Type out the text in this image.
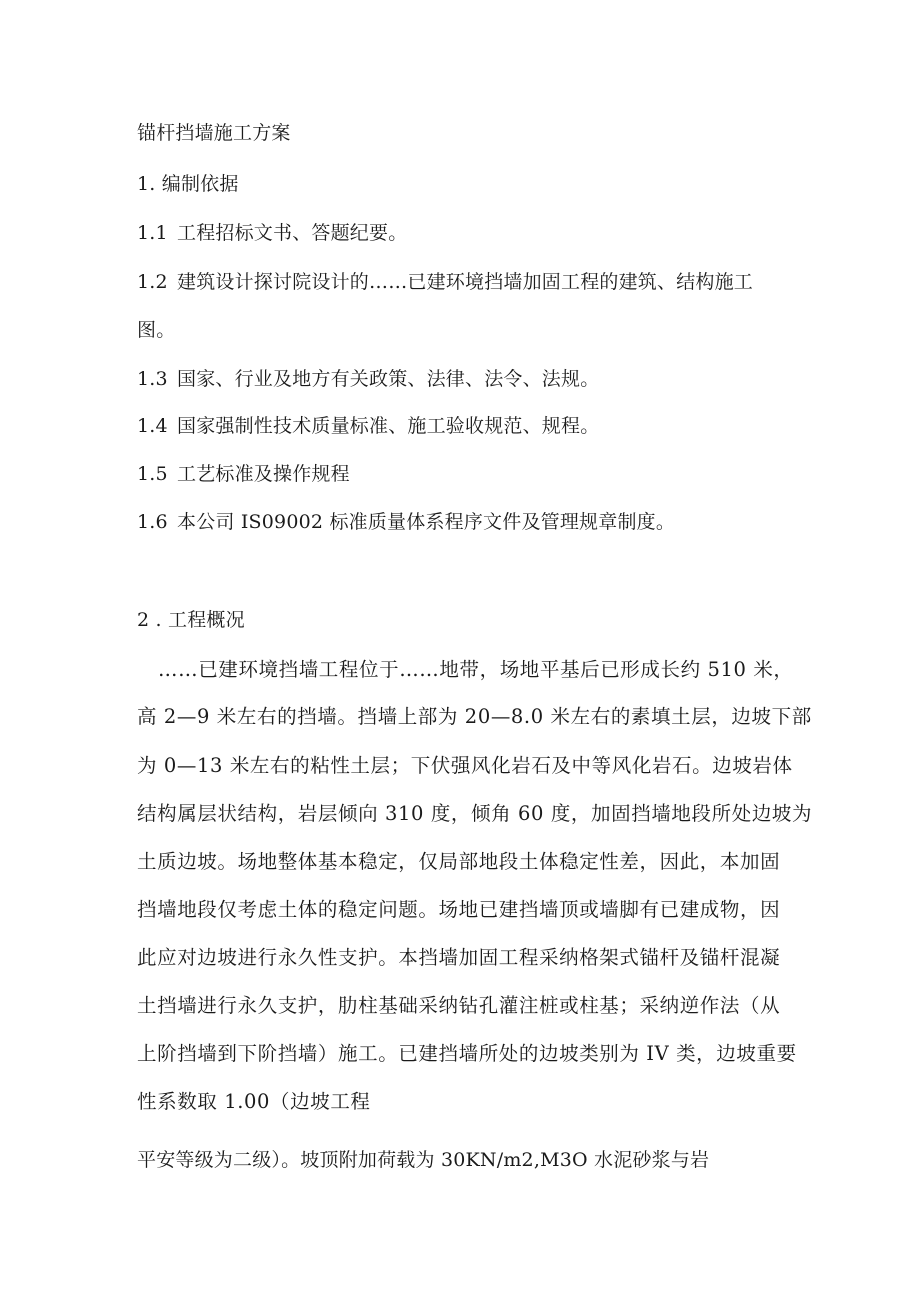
锚杆挡墙施工方案
1. 编制依据
1.1 工程招标文书、答题纪要。
1.2 建筑设计探讨院设计的……已建环境挡墙加固工程的建筑、结构施工
图。
1.3 国家、行业及地方有关政策、法律、法令、法规。
1.4 国家强制性技术质量标准、施工验收规范、规程。
1.5 工艺标准及操作规程
1.6 本公司 IS09002 标准质量体系程序文件及管理规章制度。
2 . 工程概况
……已建环境挡墙工程位于……地带，场地平基后已形成长约 510 米，
高 2—9 米左右的挡墙。挡墙上部为 20—8.0 米左右的素填土层，边坡下部
为 0—13 米左右的粘性土层；下伏强风化岩石及中等风化岩石。边坡岩体
结构属层状结构，岩层倾向 310 度，倾角 60 度，加固挡墙地段所处边坡为
土质边坡。场地整体基本稳定，仅局部地段土体稳定性差，因此，本加固
挡墙地段仅考虑土体的稳定问题。场地已建挡墙顶或墙脚有已建成物，因
此应对边坡进行永久性支护。本挡墙加固工程采纳格架式锚杆及锚杆混凝
土挡墙进行永久支护，肋柱基础采纳钻孔灌注桩或柱基；采纳逆作法（从
上阶挡墙到下阶挡墙）施工。已建挡墙所处的边坡类别为 IV 类，边坡重要
性系数取 1.00（边坡工程
平安等级为二级）。坡顶附加荷载为 30KN/m2,M3O 水泥砂浆与岩
